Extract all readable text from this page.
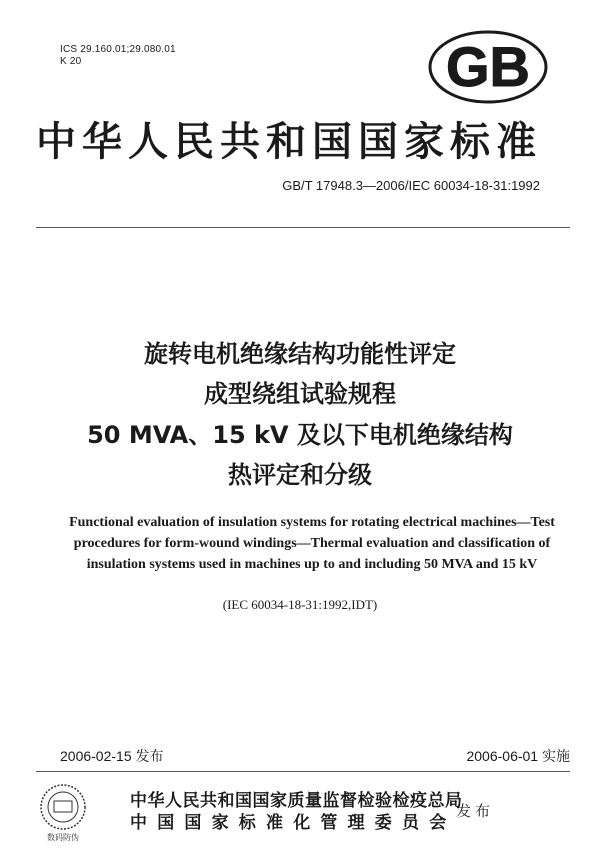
ICS 29.160.01;29.080.01
K 20	GB
中华人民共和国国家标准
GB/T 17948.3—2006/IEC 60034-18-31:1992
旋转电机绝缘结构功能性评定
成型绕组试验规程
50 MVA、15 kV 及以下电机绝缘结构
热评定和分级
Functional evaluation of insulation systems for rotating electrical machines—Test procedures for form-wound windings—Thermal evaluation and classification of insulation systems used in machines up to and including 50 MVA and 15 kV
(IEC 60034-18-31:1992,IDT)
2006-02-15 发布	2006-06-01 实施
数码防伪
中华人民共和国国家质量监督检验检疫总局
中国国家标准化管理委员会
发布
